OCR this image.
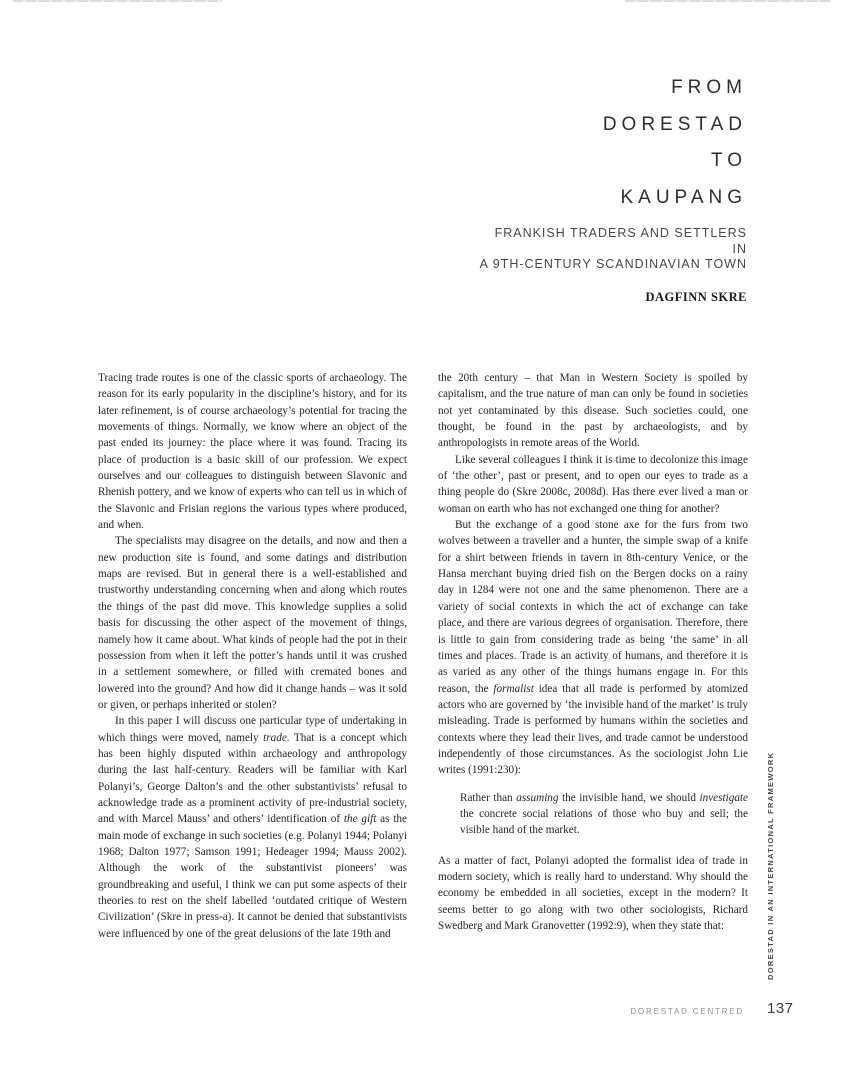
FROM
DORESTAD
TO
KAUPANG
FRANKISH TRADERS AND SETTLERS
IN
A 9TH-CENTURY SCANDINAVIAN TOWN
DAGFINN SKRE

Tracing trade routes is one of the classic sports of archaeology. The reason for its early popularity in the discipline’s history, and for its later refinement, is of course archaeology’s potential for tracing the movements of things. Normally, we know where an object of the past ended its journey: the place where it was found. Tracing its place of production is a basic skill of our profession. We expect ourselves and our colleagues to distinguish between Slavonic and Rhenish pottery, and we know of experts who can tell us in which of the Slavonic and Frisian regions the various types where produced, and when.

The specialists may disagree on the details, and now and then a new production site is found, and some datings and distribution maps are revised. But in general there is a well-established and trustworthy understanding concerning when and along which routes the things of the past did move. This knowledge supplies a solid basis for discussing the other aspect of the movement of things, namely how it came about. What kinds of people had the pot in their possession from when it left the potter’s hands until it was crushed in a settlement somewhere, or filled with cremated bones and lowered into the ground? And how did it change hands – was it sold or given, or perhaps inherited or stolen?

In this paper I will discuss one particular type of undertaking in which things were moved, namely trade. That is a concept which has been highly disputed within archaeology and anthropology during the last half-century. Readers will be familiar with Karl Polanyi’s, George Dalton’s and the other substantivists’ refusal to acknowledge trade as a prominent activity of pre-industrial society, and with Marcel Mauss’ and others’ identification of the gift as the main mode of exchange in such societies (e.g. Polanyi 1944; Polanyi 1968; Dalton 1977; Samson 1991; Hedeager 1994; Mauss 2002). Although the work of the substantivist pioneers’ was groundbreaking and useful, I think we can put some aspects of their theories to rest on the shelf labelled ‘outdated critique of Western Civilization’ (Skre in press-a). It cannot be denied that substantivists were influenced by one of the great delusions of the late 19th and

the 20th century – that Man in Western Society is spoiled by capitalism, and the true nature of man can only be found in societies not yet contaminated by this disease. Such societies could, one thought, be found in the past by archaeologists, and by anthropologists in remote areas of the World.

Like several colleagues I think it is time to decolonize this image of ‘the other’, past or present, and to open our eyes to trade as a thing people do (Skre 2008c, 2008d). Has there ever lived a man or woman on earth who has not exchanged one thing for another?

But the exchange of a good stone axe for the furs from two wolves between a traveller and a hunter, the simple swap of a knife for a shirt between friends in tavern in 8th-century Venice, or the Hansa merchant buying dried fish on the Bergen docks on a rainy day in 1284 were not one and the same phenomenon. There are a variety of social contexts in which the act of exchange can take place, and there are various degrees of organisation. Therefore, there is little to gain from considering trade as being ‘the same’ in all times and places. Trade is an activity of humans, and therefore it is as varied as any other of the things humans engage in. For this reason, the formalist idea that all trade is performed by atomized actors who are governed by ‘the invisible hand of the market’ is truly misleading. Trade is performed by humans within the societies and contexts where they lead their lives, and trade cannot be understood independently of those circumstances. As the sociologist John Lie writes (1991:230):

Rather than assuming the invisible hand, we should investigate the concrete social relations of those who buy and sell; the visible hand of the market.

As a matter of fact, Polanyi adopted the formalist idea of trade in modern society, which is really hard to understand. Why should the economy be embedded in all societies, except in the modern? It seems better to go along with two other sociologists, Richard Swedberg and Mark Granovetter (1992:9), when they state that:	DORESTAD IN AN INTERNATIONAL FRAMEWORK
DORESTAD CENTRED 137
